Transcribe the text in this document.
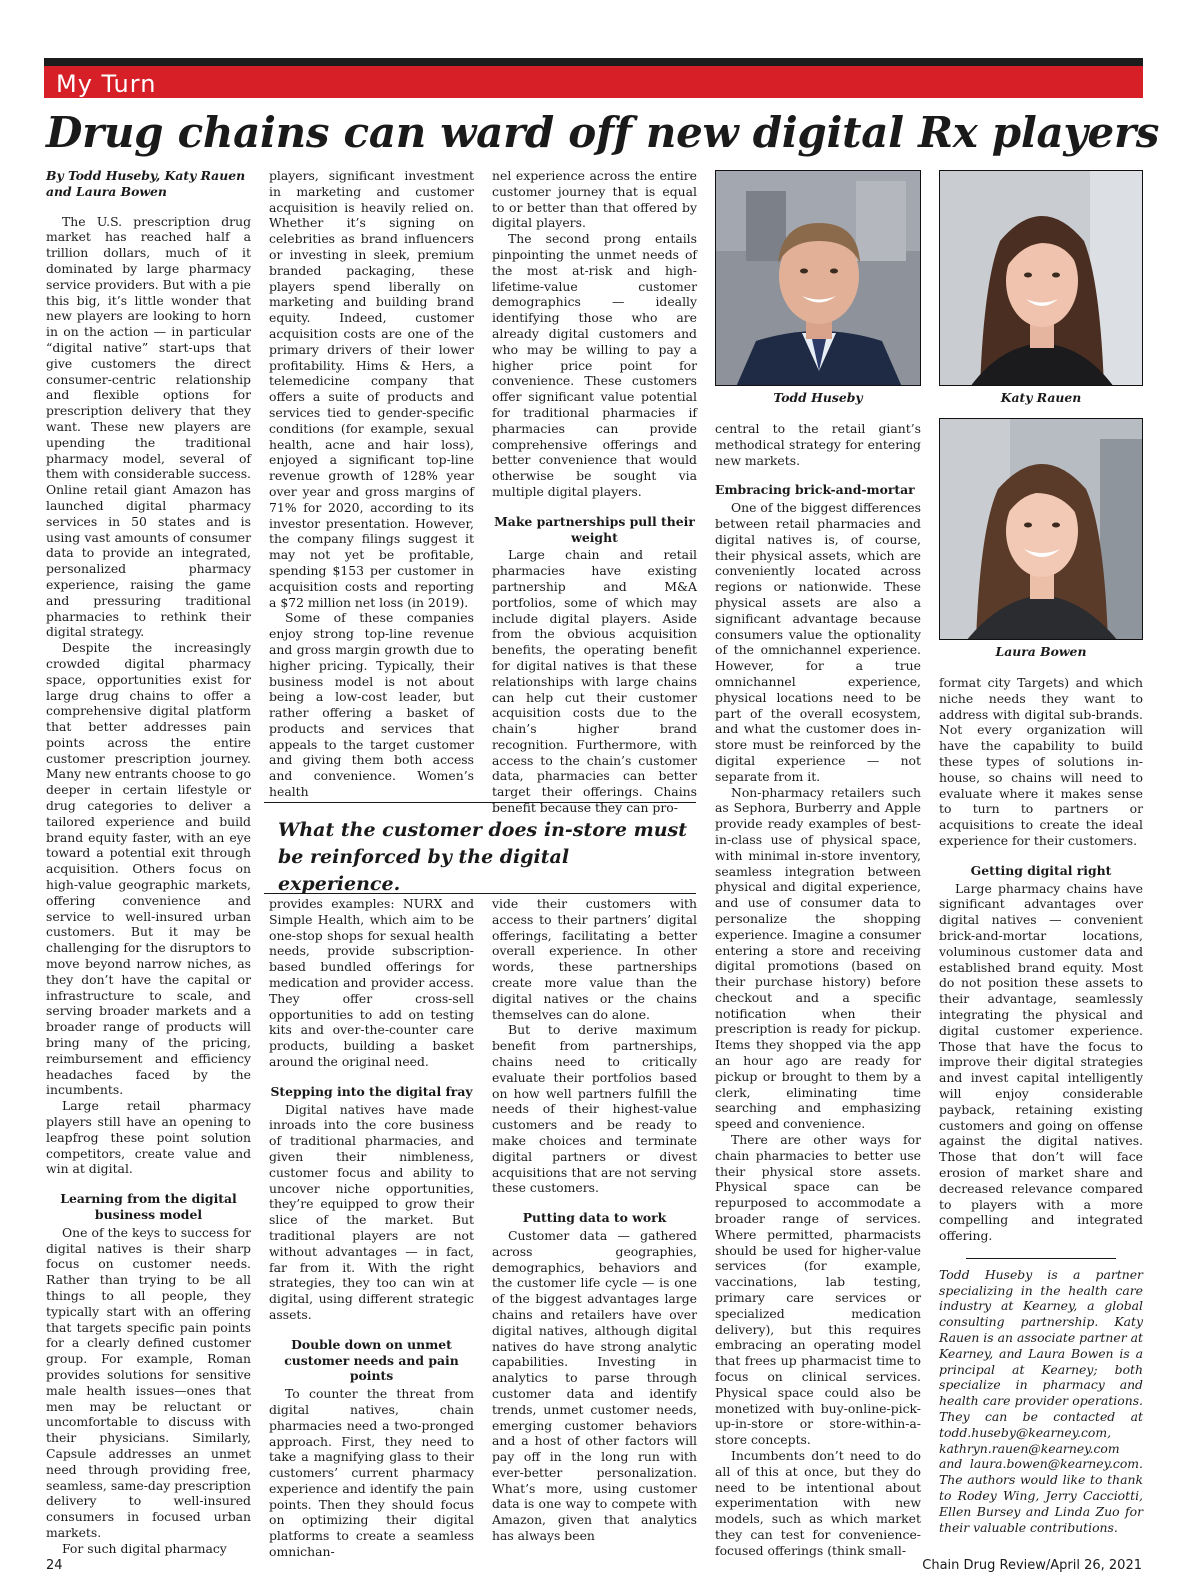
My Turn
Drug chains can ward off new digital Rx players
By Todd Huseby, Katy Rauen
and Laura Bowen

The U.S. prescription drug market has reached half a trillion dollars, much of it dominated by large pharmacy service providers. But with a pie this big, it’s little wonder that new players are looking to horn in on the action — in particular “digital native” start-ups that give customers the direct consumer-centric relationship and flexible options for prescription delivery that they want. These new players are upending the traditional pharmacy model, several of them with considerable success. Online retail giant Amazon has launched digital pharmacy services in 50 states and is using vast amounts of consumer data to provide an integrated, personalized pharmacy experience, raising the game and pressuring traditional pharmacies to rethink their digital strategy.

Despite the increasingly crowded digital pharmacy space, opportunities exist for large drug chains to offer a comprehensive digital platform that better addresses pain points across the entire customer prescription journey. Many new entrants choose to go deeper in certain lifestyle or drug categories to deliver a tailored experience and build brand equity faster, with an eye toward a potential exit through acquisition. Others focus on high-value geographic markets, offering convenience and service to well-insured urban customers. But it may be challenging for the disruptors to move beyond narrow niches, as they don’t have the capital or infrastructure to scale, and serving broader markets and a broader range of products will bring many of the pricing, reimbursement and efficiency headaches faced by the incumbents.

Large retail pharmacy players still have an opening to leapfrog these point solution competitors, create value and win at digital.

Learning from the digital business model

One of the keys to success for digital natives is their sharp focus on customer needs. Rather than trying to be all things to all people, they typically start with an offering that targets specific pain points for a clearly defined customer group. For example, Roman provides solutions for sensitive male health issues—ones that men may be reluctant or uncomfortable to discuss with their physicians. Similarly, Capsule addresses an unmet need through providing free, seamless, same-day prescription delivery to well-insured consumers in focused urban markets.

For such digital pharmacy

players, significant investment in marketing and customer acquisition is heavily relied on. Whether it’s signing on celebrities as brand influencers or investing in sleek, premium branded packaging, these players spend liberally on marketing and building brand equity. Indeed, customer acquisition costs are one of the primary drivers of their lower profitability. Hims & Hers, a telemedicine company that offers a suite of products and services tied to gender-specific conditions (for example, sexual health, acne and hair loss), enjoyed a significant top-line revenue growth of 128% year over year and gross margins of 71% for 2020, according to its investor presentation. However, the company filings suggest it may not yet be profitable, spending $153 per customer in acquisition costs and reporting a $72 million net loss (in 2019).

Some of these companies enjoy strong top-line revenue and gross margin growth due to higher pricing. Typically, their business model is not about being a low-cost leader, but rather offering a basket of products and services that appeals to the target customer and giving them both access and convenience. Women’s health

nel experience across the entire customer journey that is equal to or better than that offered by digital players.

The second prong entails pinpointing the unmet needs of the most at-risk and high-lifetime-value customer demographics — ideally identifying those who are already digital customers and who may be willing to pay a higher price point for convenience. These customers offer significant value potential for traditional pharmacies if pharmacies can provide comprehensive offerings and better convenience that would otherwise be sought via multiple digital players.

Make partnerships pull their weight

Large chain and retail pharmacies have existing partnership and M&A portfolios, some of which may include digital players. Aside from the obvious acquisition benefits, the operating benefit for digital natives is that these relationships with large chains can help cut their customer acquisition costs due to the chain’s higher brand recognition. Furthermore, with access to the chain’s customer data, pharmacies can better target their offerings. Chains benefit because they can pro-

What the customer does in-store must
be reinforced by the digital experience.

provides examples: NURX and Simple Health, which aim to be one-stop shops for sexual health needs, provide subscription-based bundled offerings for medication and provider access. They offer cross-sell opportunities to add on testing kits and over-the-counter care products, building a basket around the original need.

Stepping into the digital fray

Digital natives have made inroads into the core business of traditional pharmacies, and given their nimbleness, customer focus and ability to uncover niche opportunities, they’re equipped to grow their slice of the market. But traditional players are not without advantages — in fact, far from it. With the right strategies, they too can win at digital, using different strategic assets.

Double down on unmet customer needs and pain points

To counter the threat from digital natives, chain pharmacies need a two-pronged approach. First, they need to take a magnifying glass to their customers’ current pharmacy experience and identify the pain points. Then they should focus on optimizing their digital platforms to create a seamless omnichan-

vide their customers with access to their partners’ digital offerings, facilitating a better overall experience. In other words, these partnerships create more value than the digital natives or the chains themselves can do alone.

But to derive maximum benefit from partnerships, chains need to critically evaluate their portfolios based on how well partners fulfill the needs of their highest-value customers and be ready to make choices and terminate digital partners or divest acquisitions that are not serving these customers.

Putting data to work

Customer data — gathered across geographies, demographics, behaviors and the customer life cycle — is one of the biggest advantages large chains and retailers have over digital natives, although digital natives do have strong analytic capabilities. Investing in analytics to parse through customer data and identify trends, unmet customer needs, emerging customer behaviors and a host of other factors will pay off in the long run with ever-better personalization. What’s more, using customer data is one way to compete with Amazon, given that analytics has always been

Todd Huseby	Katy Rauen
Laura Bowen

central to the retail giant’s methodical strategy for entering new markets.

Embracing brick-and-mortar

One of the biggest differences between retail pharmacies and digital natives is, of course, their physical assets, which are conveniently located across regions or nationwide. These physical assets are also a significant advantage because consumers value the optionality of the omnichannel experience. However, for a true omnichannel experience, physical locations need to be part of the overall ecosystem, and what the customer does in-store must be reinforced by the digital experience — not separate from it.

Non-pharmacy retailers such as Sephora, Burberry and Apple provide ready examples of best-in-class use of physical space, with minimal in-store inventory, seamless integration between physical and digital experience, and use of consumer data to personalize the shopping experience. Imagine a consumer entering a store and receiving digital promotions (based on their purchase history) before checkout and a specific notification when their prescription is ready for pickup. Items they shopped via the app an hour ago are ready for pickup or brought to them by a clerk, eliminating time searching and emphasizing speed and convenience.

There are other ways for chain pharmacies to better use their physical store assets. Physical space can be repurposed to accommodate a broader range of services. Where permitted, pharmacists should be used for higher-value services (for example, vaccinations, lab testing, primary care services or specialized medication delivery), but this requires embracing an operating model that frees up pharmacist time to focus on clinical services. Physical space could also be monetized with buy-online-pick-up-in-store or store-within-a-store concepts.

Incumbents don’t need to do all of this at once, but they do need to be intentional about experimentation with new models, such as which market they can test for convenience-focused offerings (think small-

format city Targets) and which niche needs they want to address with digital sub-brands. Not every organization will have the capability to build these types of solutions in-house, so chains will need to evaluate where it makes sense to turn to partners or acquisitions to create the ideal experience for their customers.

Getting digital right

Large pharmacy chains have significant advantages over digital natives — convenient brick-and-mortar locations, voluminous customer data and established brand equity. Most do not position these assets to their advantage, seamlessly integrating the physical and digital customer experience. Those that have the focus to improve their digital strategies and invest capital intelligently will enjoy considerable payback, retaining existing customers and going on offense against the digital natives. Those that don’t will face erosion of market share and decreased relevance compared to players with a more compelling and integrated offering.

Todd Huseby is a partner specializing in the health care industry at Kearney, a global consulting partnership. Katy Rauen is an associate partner at Kearney, and Laura Bowen is a principal at Kearney; both specialize in pharmacy and health care provider operations. They can be contacted at todd.huseby@kearney.com, kathryn.rauen@kearney.com and laura.bowen@kearney.com. The authors would like to thank to Rodey Wing, Jerry Cacciotti, Ellen Bursey and Linda Zuo for their valuable contributions.

24	Chain Drug Review/April 26, 2021
